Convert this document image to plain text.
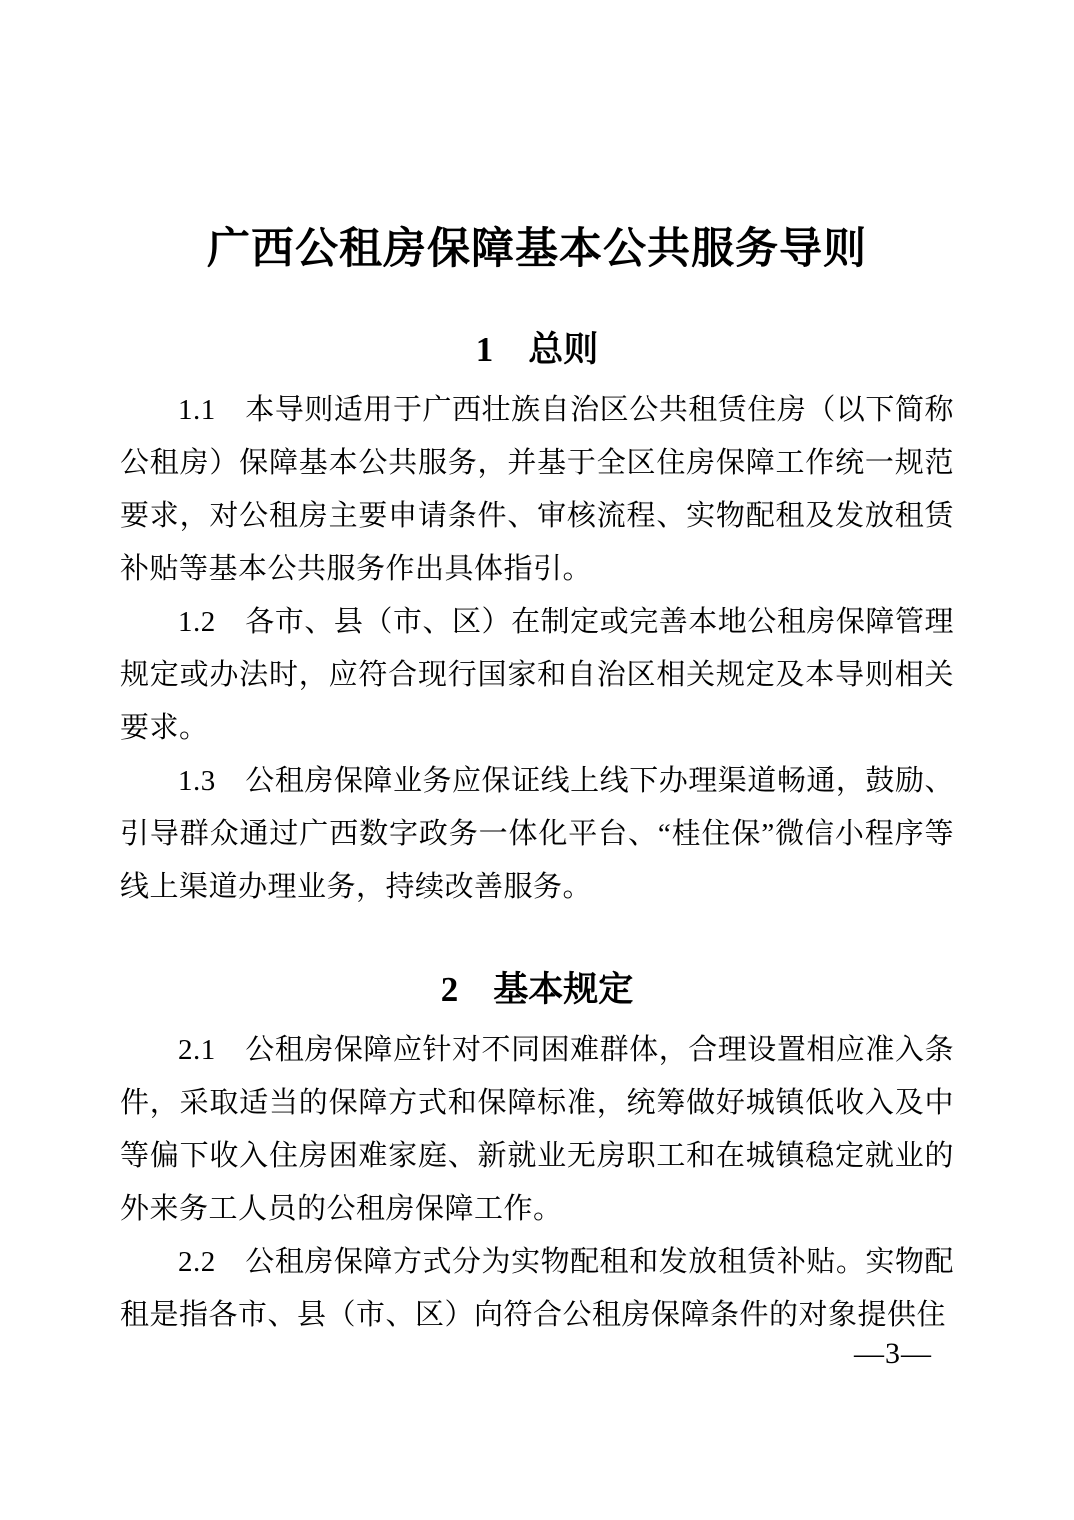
广西公租房保障基本公共服务导则
1　总则

1.1　本导则适用于广西壮族自治区公共租赁住房（以下简称公租房）保障基本公共服务，并基于全区住房保障工作统一规范要求，对公租房主要申请条件、审核流程、实物配租及发放租赁补贴等基本公共服务作出具体指引。

1.2　各市、县（市、区）在制定或完善本地公租房保障管理规定或办法时，应符合现行国家和自治区相关规定及本导则相关要求。

1.3　公租房保障业务应保证线上线下办理渠道畅通，鼓励、引导群众通过广西数字政务一体化平台、“桂住保”微信小程序等线上渠道办理业务，持续改善服务。

2　基本规定

2.1　公租房保障应针对不同困难群体，合理设置相应准入条件，采取适当的保障方式和保障标准，统筹做好城镇低收入及中等偏下收入住房困难家庭、新就业无房职工和在城镇稳定就业的外来务工人员的公租房保障工作。

2.2　公租房保障方式分为实物配租和发放租赁补贴。实物配租是指各市、县（市、区）向符合公租房保障条件的对象提供住

—3—
